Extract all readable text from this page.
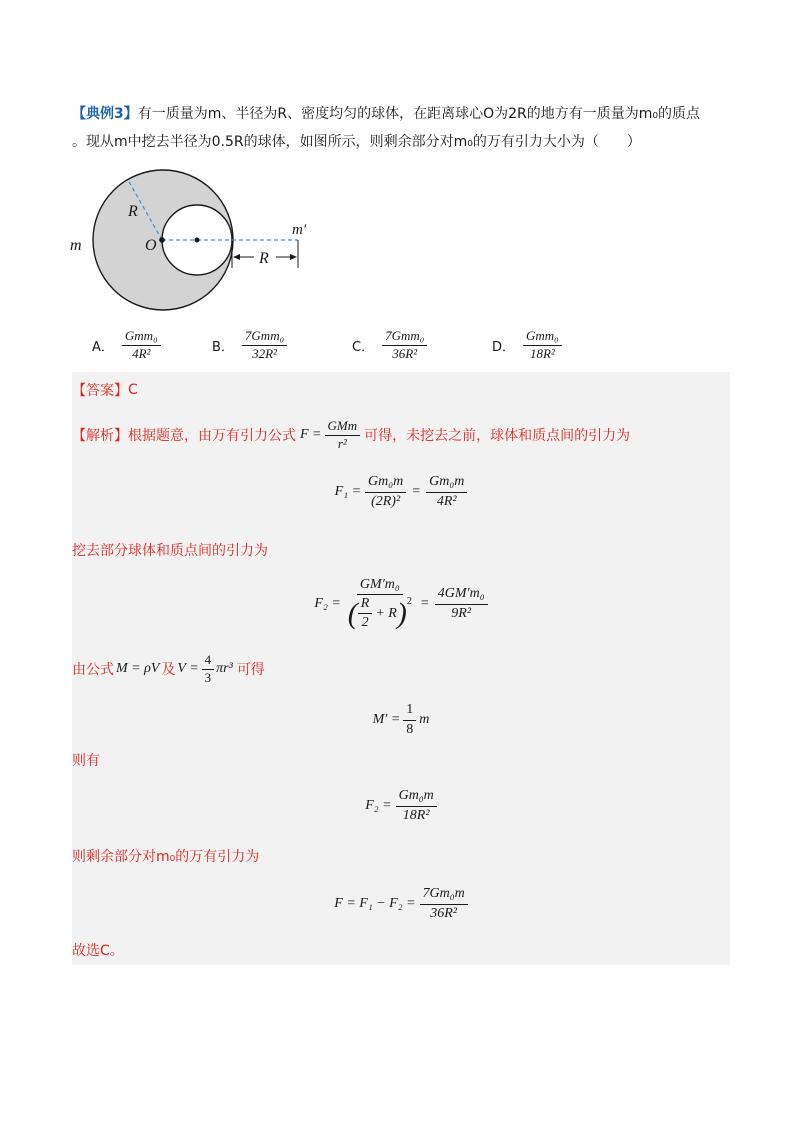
【典例3】有一质量为m、半径为R、密度均匀的球体，在距离球心O为2R的地方有一质量为m₀的质点
。现从m中挖去半径为0.5R的球体，如图所示，则剩余部分对m₀的万有引力大小为（　　）
R
O
m
m′
R
A． $\frac{\text{Gmm₀}}{\text{4R²}}$	B． $\frac{\text{7Gmm₀}}{\text{32R²}}$	C． $\frac{\text{7Gmm₀}}{\text{36R²}}$	D． $\frac{\text{Gmm₀}}{\text{18R²}}$
【答案】 C
【解析】 根据题意，由万有引力公式 $F = \frac{\text{GMm}}{\text{r²}}$ 可得，未挖去之前，球体和质点间的引力为
$F_1 = \frac{\text{Gm₀m}}{\text{(2R)²}} = \frac{\text{Gm₀m}}{\text{4R²}}$
挖去部分球体和质点间的引力为
F₂ =
GM′m₀
( $\frac{R}{2} + R$ ) $2 = \frac{\text{4GM′m₀}}{\text{9R²}}$
由公式 M = ρV 及 $V = \frac{4}{3} \pi r^3$ 可得
$M' = \frac{1}{8}$ m
则有
$F_2 = \frac{\text{Gm₀m}}{\text{18R²}}$
则剩余部分对m₀的万有引力为
$F = F_1 - F_2 = \frac{\text{7Gm₀m}}{\text{36R²}}$
故选C。
